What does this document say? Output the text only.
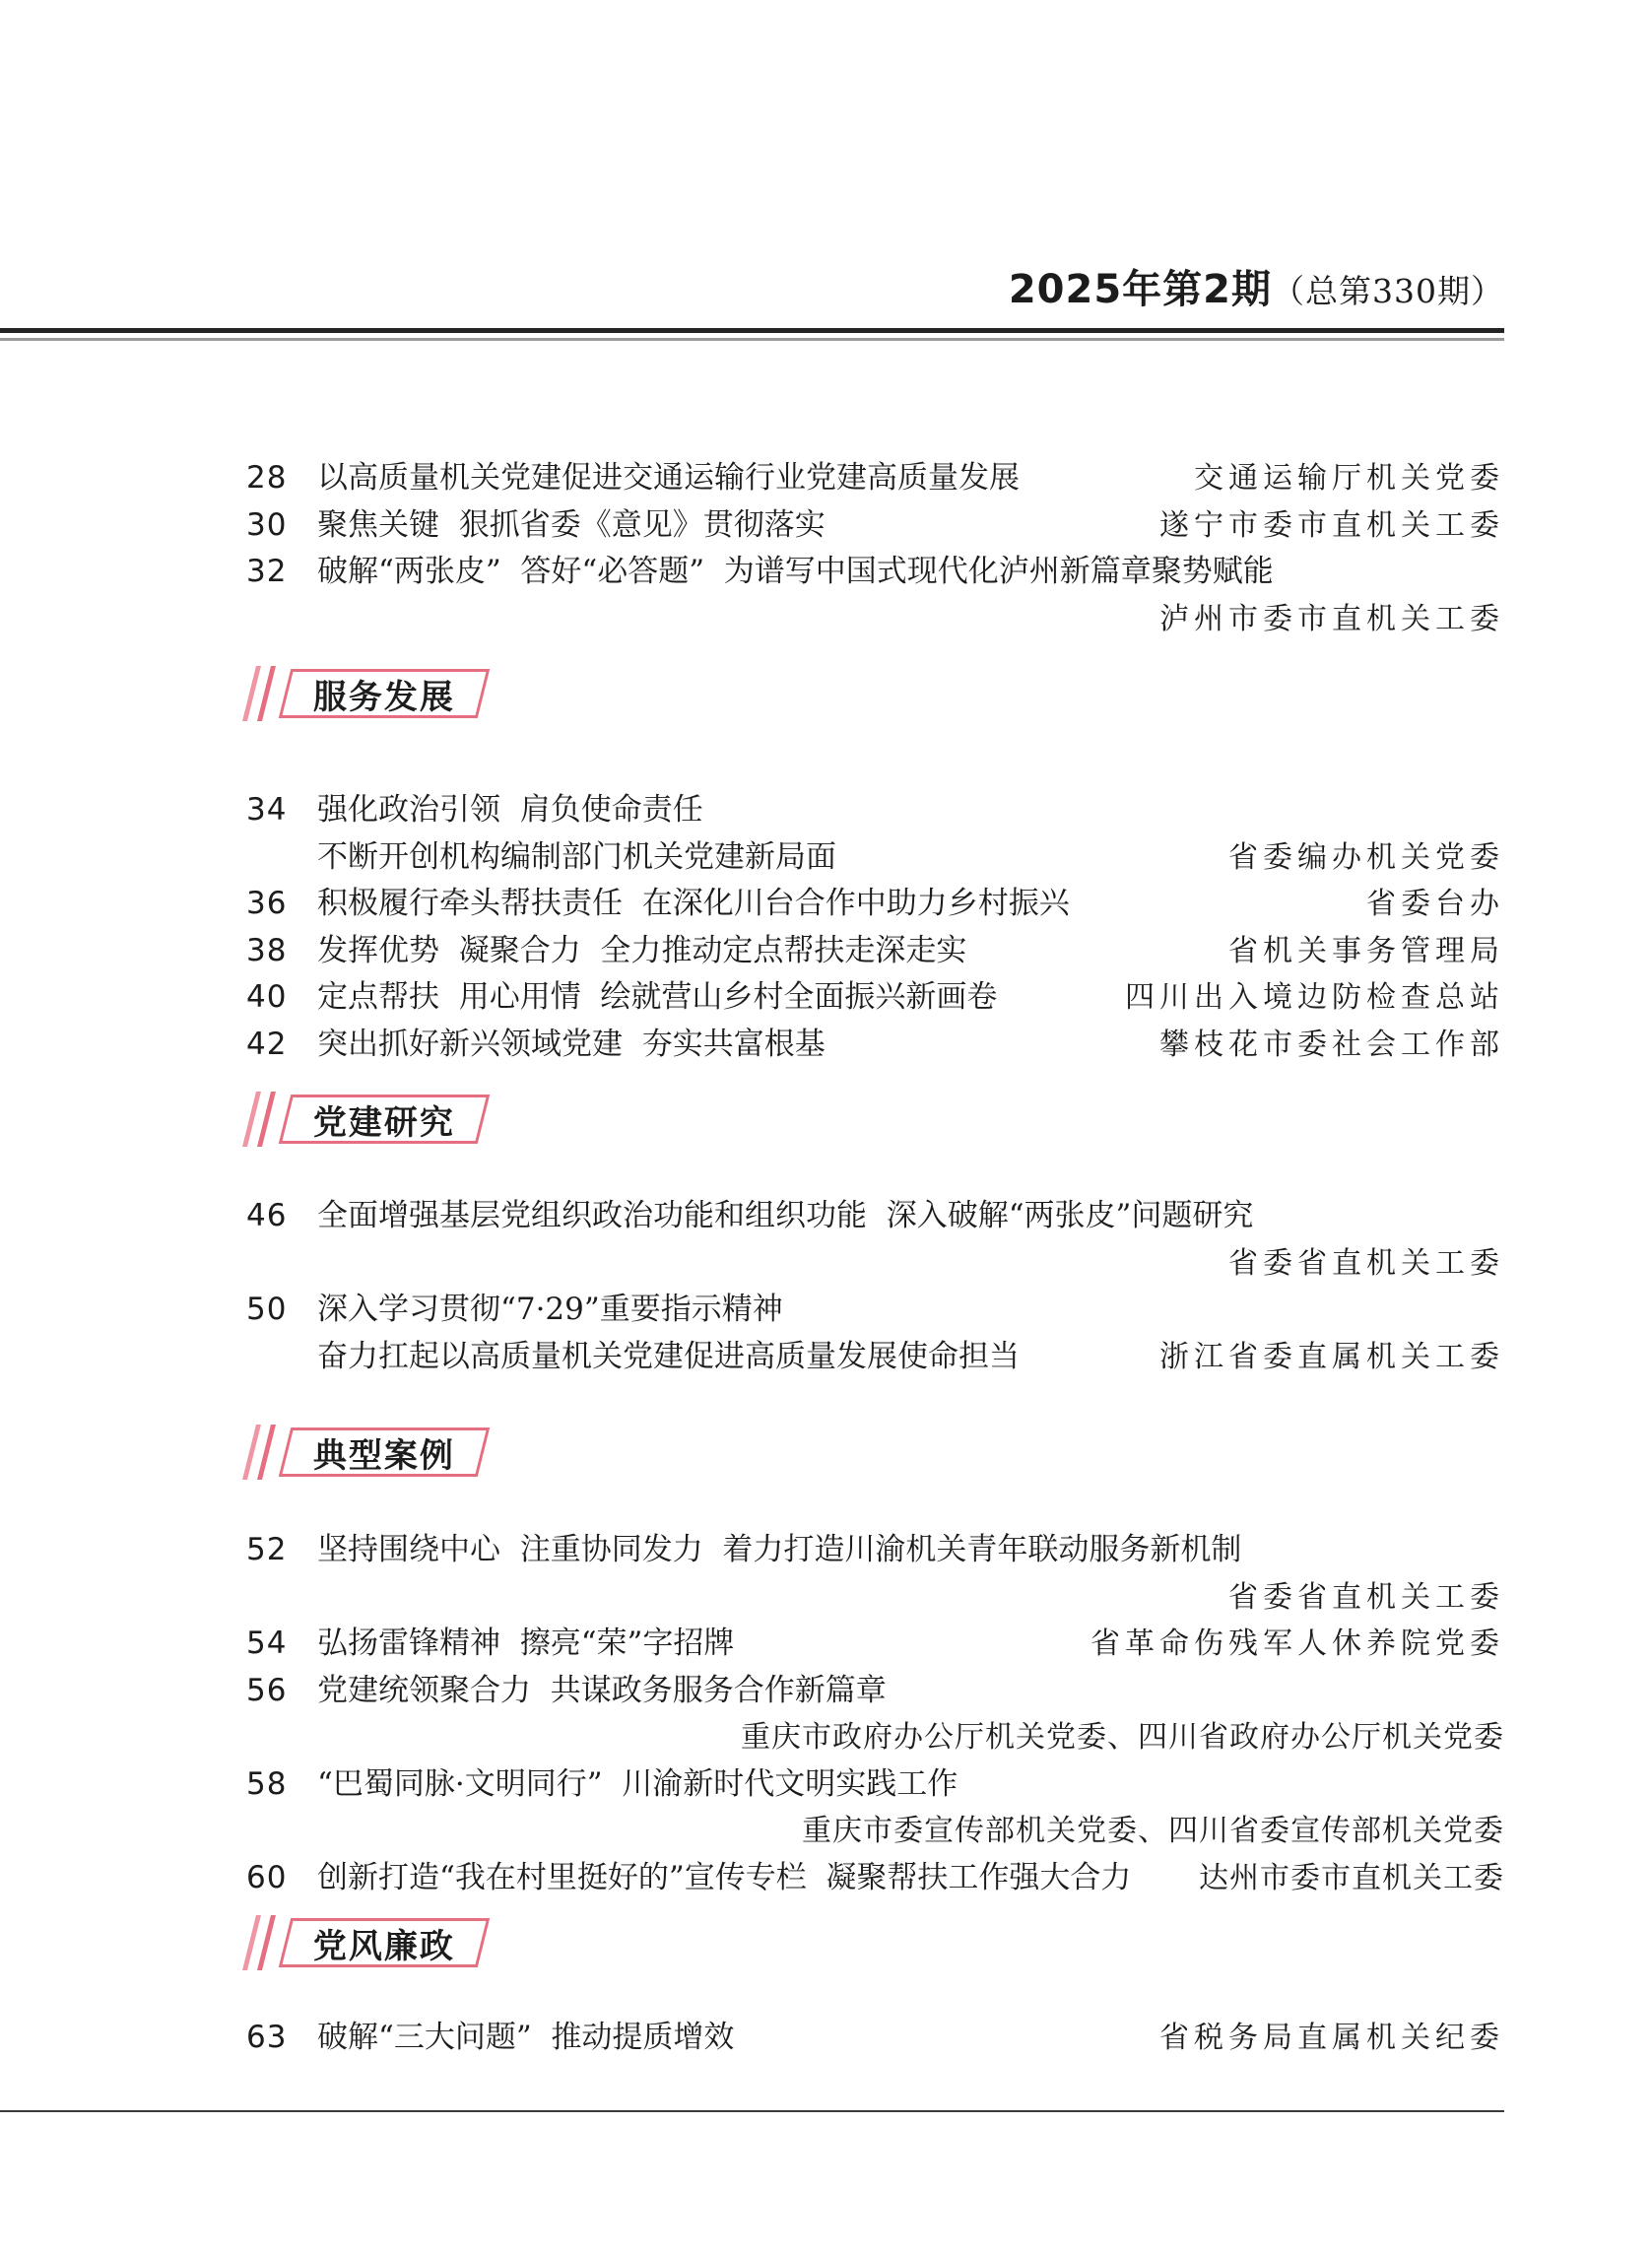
2025年第2期（总第330期）
28 以高质量机关党建促进交通运输行业党建高质量发展	交通运输厅机关党委
30 聚焦关键  狠抓省委《意见》贯彻落实	遂宁市委市直机关工委
32 破解“两张皮”  答好“必答题”  为谱写中国式现代化泸州新篇章聚势赋能
泸州市委市直机关工委
服务发展
34 强化政治引领  肩负使命责任
不断开创机构编制部门机关党建新局面	省委编办机关党委
36 积极履行牵头帮扶责任  在深化川台合作中助力乡村振兴	省委台办
38 发挥优势  凝聚合力  全力推动定点帮扶走深走实	省机关事务管理局
40 定点帮扶  用心用情  绘就营山乡村全面振兴新画卷	四川出入境边防检查总站
42 突出抓好新兴领域党建  夯实共富根基	攀枝花市委社会工作部
党建研究
46 全面增强基层党组织政治功能和组织功能  深入破解“两张皮”问题研究
省委省直机关工委
50 深入学习贯彻“7·29”重要指示精神
奋力扛起以高质量机关党建促进高质量发展使命担当	浙江省委直属机关工委
典型案例
52 坚持围绕中心  注重协同发力  着力打造川渝机关青年联动服务新机制
省委省直机关工委
54 弘扬雷锋精神  擦亮“荣”字招牌	省革命伤残军人休养院党委
56 党建统领聚合力  共谋政务服务合作新篇章
重庆市政府办公厅机关党委、四川省政府办公厅机关党委
58 “巴蜀同脉·文明同行”  川渝新时代文明实践工作
重庆市委宣传部机关党委、四川省委宣传部机关党委
60 创新打造“我在村里挺好的”宣传专栏  凝聚帮扶工作强大合力	达州市委市直机关工委
党风廉政
63 破解“三大问题”  推动提质增效	省税务局直属机关纪委
